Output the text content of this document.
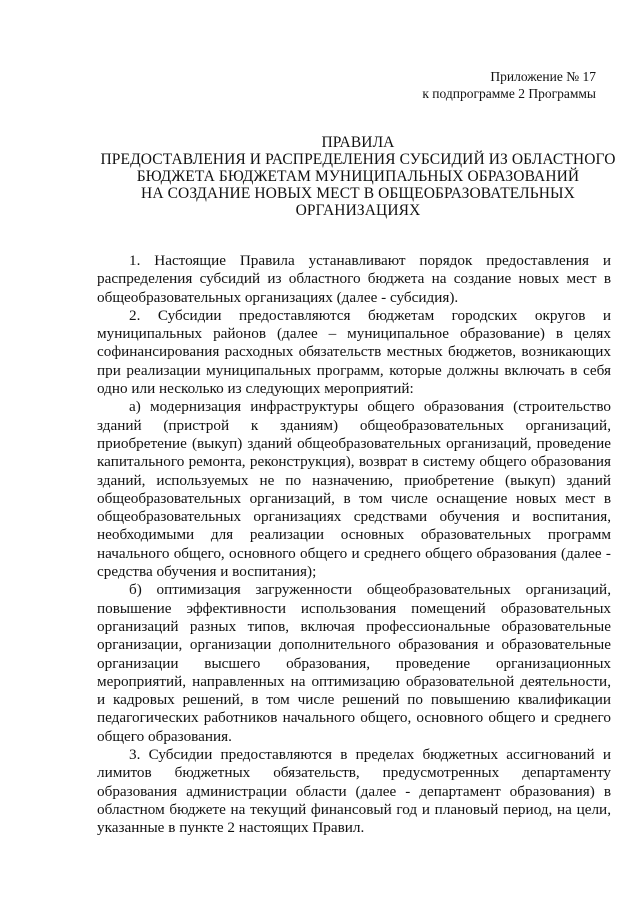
Приложение № 17
к подпрограмме 2 Программы
ПРАВИЛА
ПРЕДОСТАВЛЕНИЯ И РАСПРЕДЕЛЕНИЯ СУБСИДИЙ ИЗ ОБЛАСТНОГО
БЮДЖЕТА БЮДЖЕТАМ МУНИЦИПАЛЬНЫХ ОБРАЗОВАНИЙ
НА СОЗДАНИЕ НОВЫХ МЕСТ В ОБЩЕОБРАЗОВАТЕЛЬНЫХ
ОРГАНИЗАЦИЯХ

1. Настоящие Правила устанавливают порядок предоставления и распределения субсидий из областного бюджета на создание новых мест в общеобразовательных организациях (далее - субсидия).

2. Субсидии предоставляются бюджетам городских округов и муниципальных районов (далее – муниципальное образование) в целях софинансирования расходных обязательств местных бюджетов, возникающих при реализации муниципальных программ, которые должны включать в себя одно или несколько из следующих мероприятий:

а) модернизация инфраструктуры общего образования (строительство зданий (пристрой к зданиям) общеобразовательных организаций, приобретение (выкуп) зданий общеобразовательных организаций, проведение капитального ремонта, реконструкция), возврат в систему общего образования зданий, используемых не по назначению, приобретение (выкуп) зданий общеобразовательных организаций, в том числе оснащение новых мест в общеобразовательных организациях средствами обучения и воспитания, необходимыми для реализации основных образовательных программ начального общего, основного общего и среднего общего образования (далее - средства обучения и воспитания);

б) оптимизация загруженности общеобразовательных организаций, повышение эффективности использования помещений образовательных организаций разных типов, включая профессиональные образовательные организации, организации дополнительного образования и образовательные организации высшего образования, проведение организационных мероприятий, направленных на оптимизацию образовательной деятельности, и кадровых решений, в том числе решений по повышению квалификации педагогических работников начального общего, основного общего и среднего общего образования.

3. Субсидии предоставляются в пределах бюджетных ассигнований и лимитов бюджетных обязательств, предусмотренных департаменту образования администрации области (далее - департамент образования) в областном бюджете на текущий финансовый год и плановый период, на цели, указанные в пункте 2 настоящих Правил.
